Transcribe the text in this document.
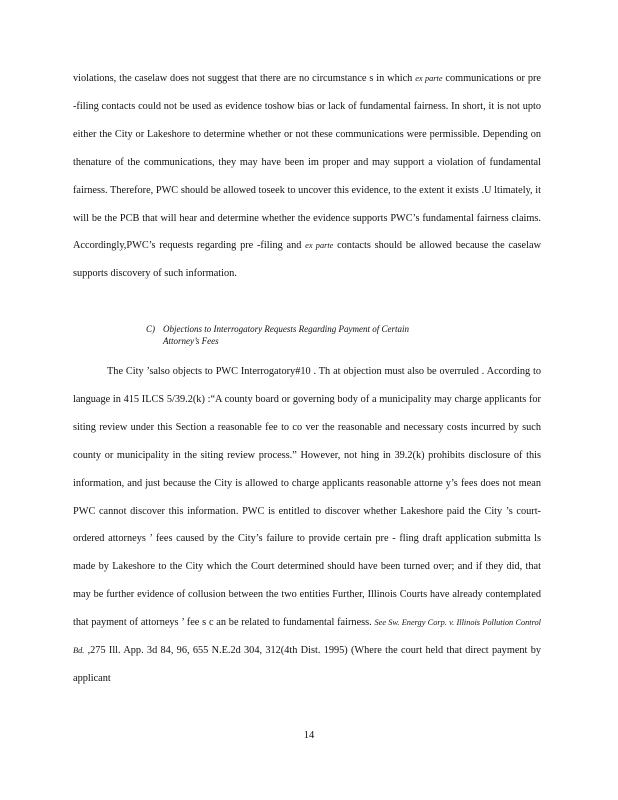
violations, the caselaw does not suggest that there are no circumstance s in which ex parte communications or pre -filing contacts could not be used as evidence toshow bias or lack of fundamental fairness. In short, it is not upto either the City or Lakeshore to determine whether or not these communications were permissible. Depending on thenature of the communications, they may have been im proper and may support a violation of fundamental fairness. Therefore, PWC should be allowed toseek to uncover this evidence, to the extent it exists .U ltimately, it will be the PCB that will hear and determine whether the evidence supports PWC’s fundamental fairness claims. Accordingly,PWC’s requests regarding pre -filing and ex parte contacts should be allowed because the caselaw supports discovery of such information.

C) Objections to Interrogatory Requests Regarding Payment of Certain
Attorney’s Fees

The City ’salso objects to PWC Interrogatory#10 . Th at objection must also be overruled . According to language in 415 ILCS 5/39.2(k) :“A county board or governing body of a municipality may charge applicants for siting review under this Section a reasonable fee to co ver the reasonable and necessary costs incurred by such county or municipality in the siting review process.” However, not hing in 39.2(k) prohibits disclosure of this information, and just because the City is allowed to charge applicants reasonable attorne y’s fees does not mean PWC cannot discover this information. PWC is entitled to discover whether Lakeshore paid the City ’s court-ordered attorneys ’ fees caused by the City’s failure to provide certain pre - fling draft application submitta ls made by Lakeshore to the City which the Court determined should have been turned over; and if they did, that may be further evidence of collusion between the two entities Further, Illinois Courts have already contemplated that payment of attorneys ’ fee s c an be related to fundamental fairness. See Sw. Energy Corp. v. Illinois Pollution Control Bd. ,275 Ill. App. 3d 84, 96, 655 N.E.2d 304, 312(4th Dist. 1995) (Where the court held that direct payment by applicant

14
